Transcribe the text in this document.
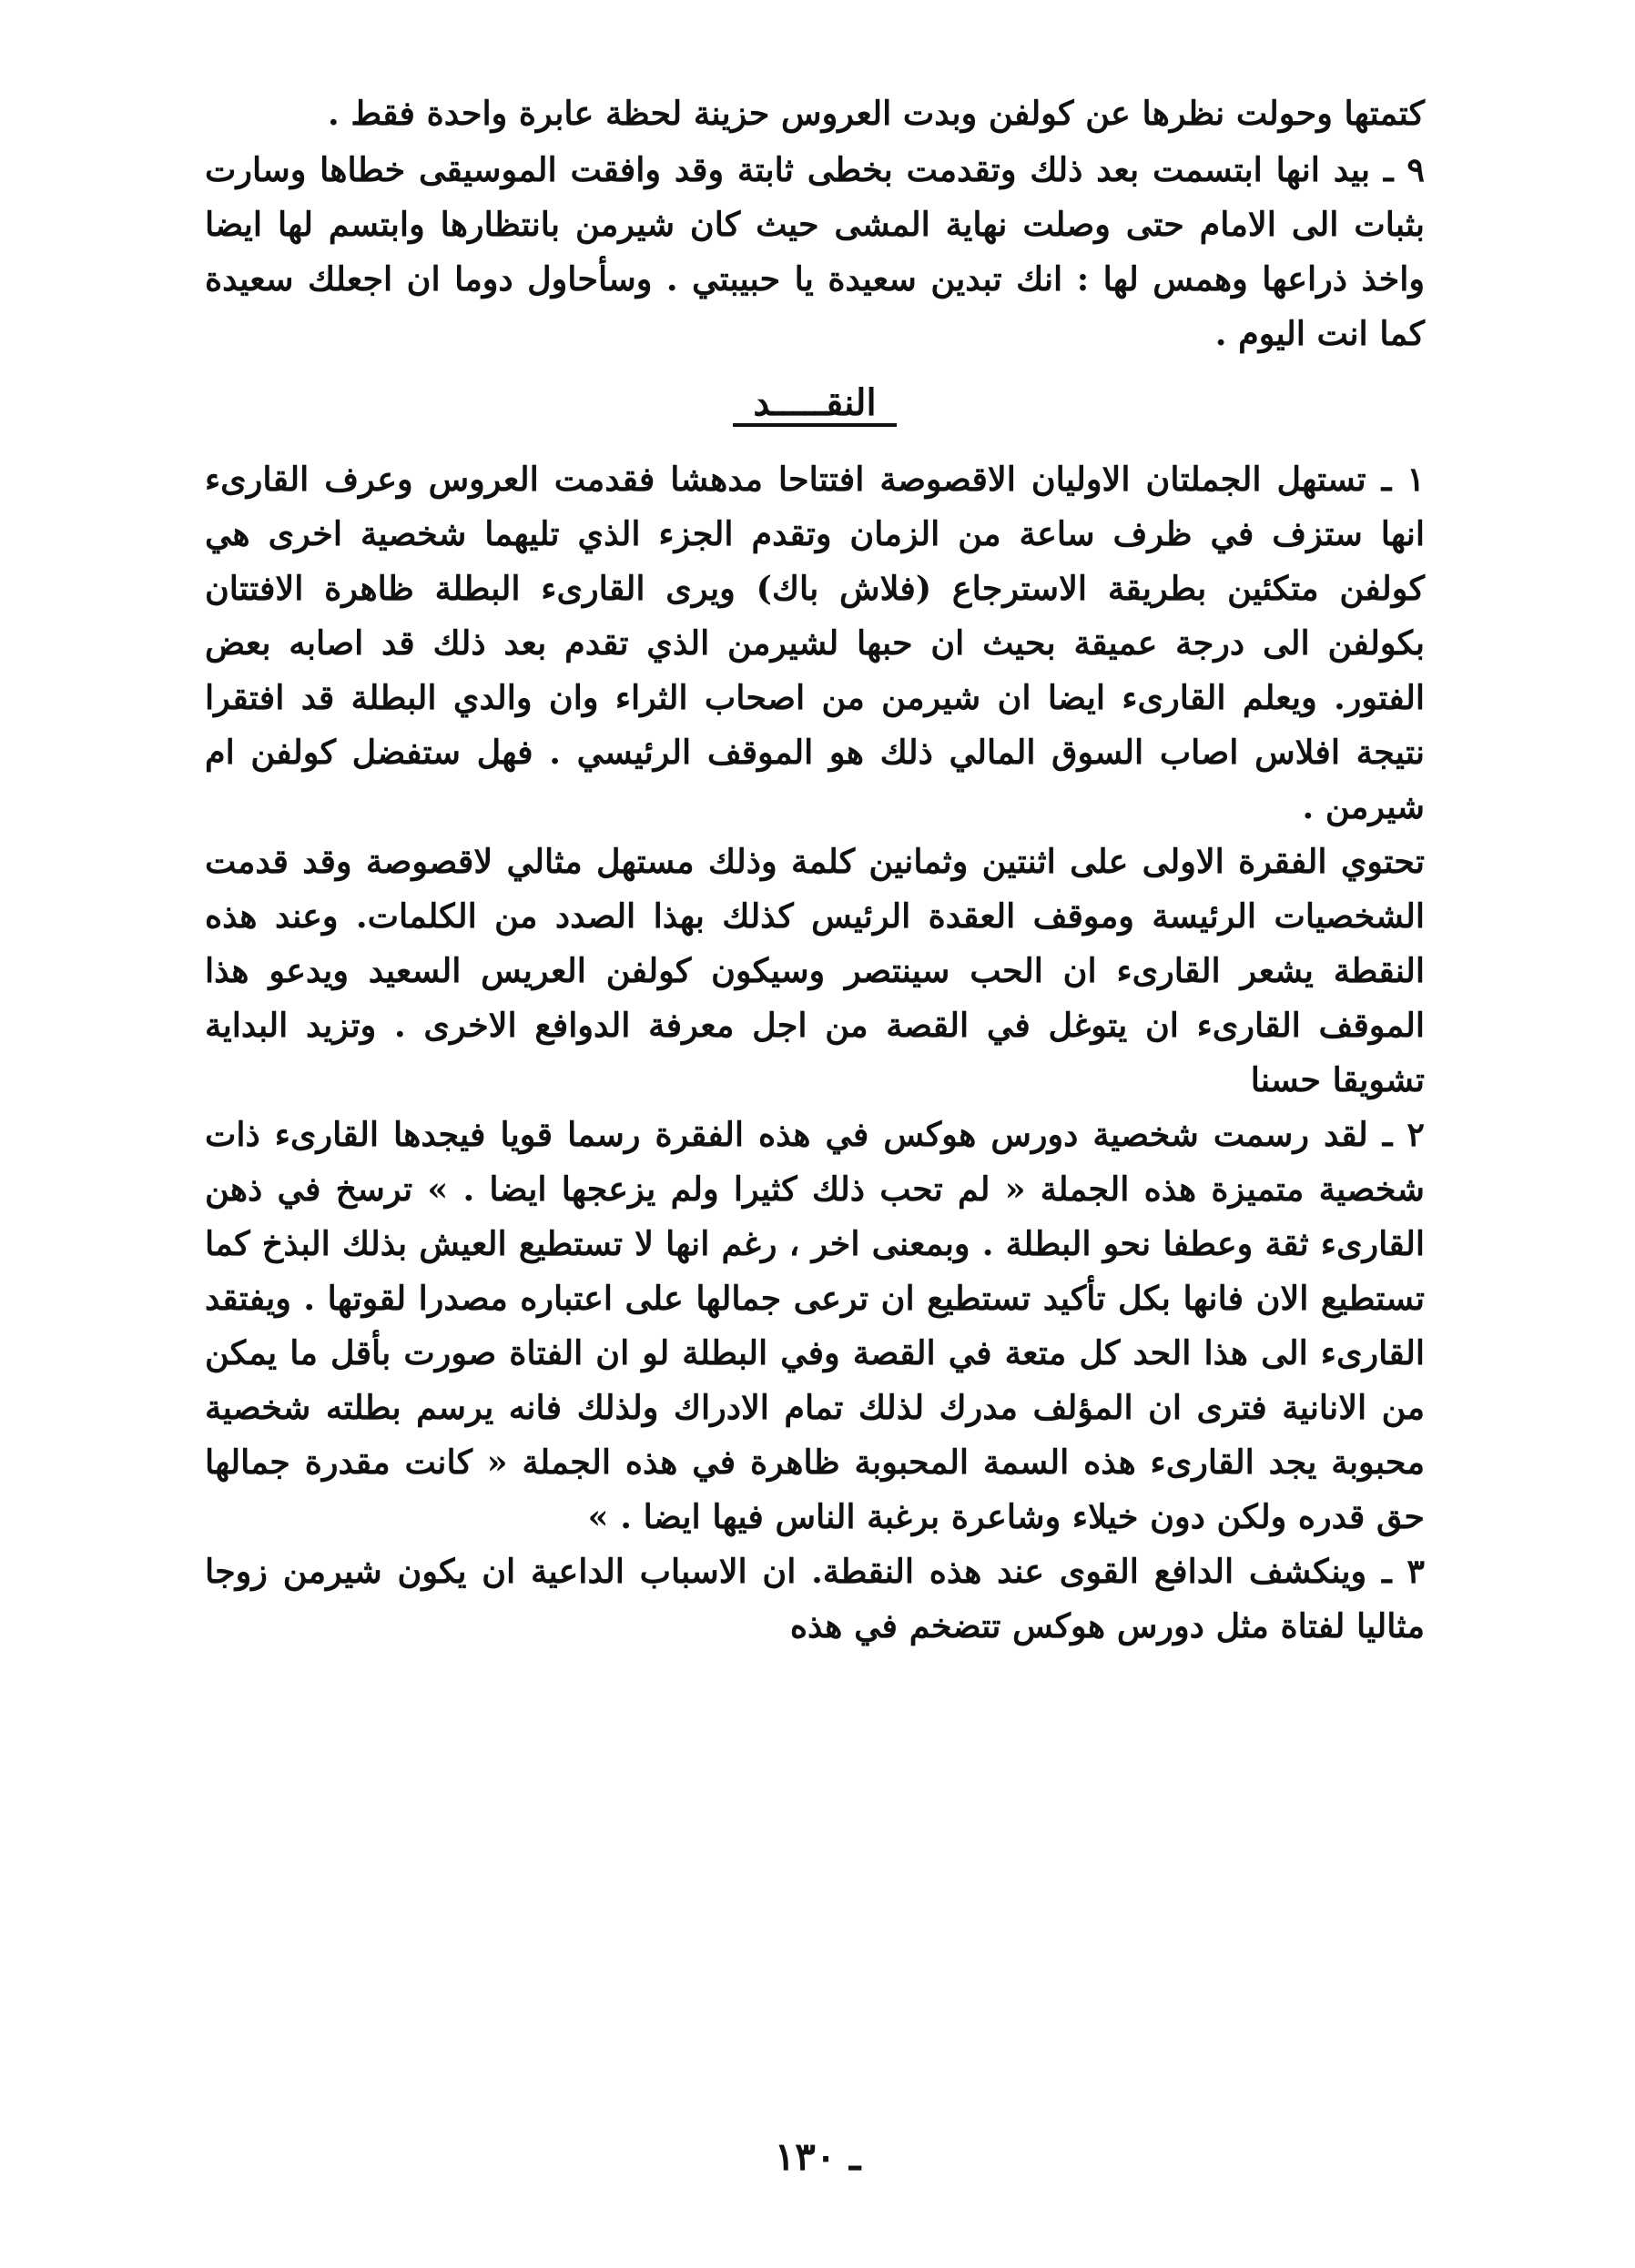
كتمتها وحولت نظرها عن كولفن وبدت العروس حزينة لحظة عابرة واحدة فقط .

٩ ـ بيد انها ابتسمت بعد ذلك وتقدمت بخطى ثابتة وقد وافقت الموسيقى خطاها وسارت بثبات الى الامام حتى وصلت نهاية المشى حيث كان شيرمن بانتظارها وابتسم لها ايضا واخذ ذراعها وهمس لها : انك تبدين سعيدة يا حبيبتي . وسأحاول دوما ان اجعلك سعيدة كما انت اليوم .

النقـــــد

١ ـ تستهل الجملتان الاوليان الاقصوصة افتتاحا مدهشا فقدمت العروس وعرف القارىء انها ستزف في ظرف ساعة من الزمان وتقدم الجزء الذي تليهما شخصية اخرى هي كولفن متكئين بطريقة الاسترجاع (فلاش باك) ويرى القارىء البطلة ظاهرة الافتتان بكولفن الى درجة عميقة بحيث ان حبها لشيرمن الذي تقدم بعد ذلك قد اصابه بعض الفتور. ويعلم القارىء ايضا ان شيرمن من اصحاب الثراء وان والدي البطلة قد افتقرا نتيجة افلاس اصاب السوق المالي ذلك هو الموقف الرئيسي . فهل ستفضل كولفن ام شيرمن .

تحتوي الفقرة الاولى على اثنتين وثمانين كلمة وذلك مستهل مثالي لاقصوصة وقد قدمت الشخصيات الرئيسة وموقف العقدة الرئيس كذلك بهذا الصدد من الكلمات. وعند هذه النقطة يشعر القارىء ان الحب سينتصر وسيكون كولفن العريس السعيد ويدعو هذا الموقف القارىء ان يتوغل في القصة من اجل معرفة الدوافع الاخرى . وتزيد البداية تشويقا حسنا

٢ ـ لقد رسمت شخصية دورس هوكس في هذه الفقرة رسما قويا فيجدها القارىء ذات شخصية متميزة هذه الجملة « لم تحب ذلك كثيرا ولم يزعجها ايضا . » ترسخ في ذهن القارىء ثقة وعطفا نحو البطلة . وبمعنى اخر ، رغم انها لا تستطيع العيش بذلك البذخ كما تستطيع الان فانها بكل تأكيد تستطيع ان ترعى جمالها على اعتباره مصدرا لقوتها . ويفتقد القارىء الى هذا الحد كل متعة في القصة وفي البطلة لو ان الفتاة صورت بأقل ما يمكن من الانانية فترى ان المؤلف مدرك لذلك تمام الادراك ولذلك فانه يرسم بطلته شخصية محبوبة يجد القارىء هذه السمة المحبوبة ظاهرة في هذه الجملة « كانت مقدرة جمالها حق قدره ولكن دون خيلاء وشاعرة برغبة الناس فيها ايضا . »

٣ ـ وينكشف الدافع القوى عند هذه النقطة. ان الاسباب الداعية ان يكون شيرمن زوجا مثاليا لفتاة مثل دورس هوكس تتضخم في هذه

ـ ١٣٠
